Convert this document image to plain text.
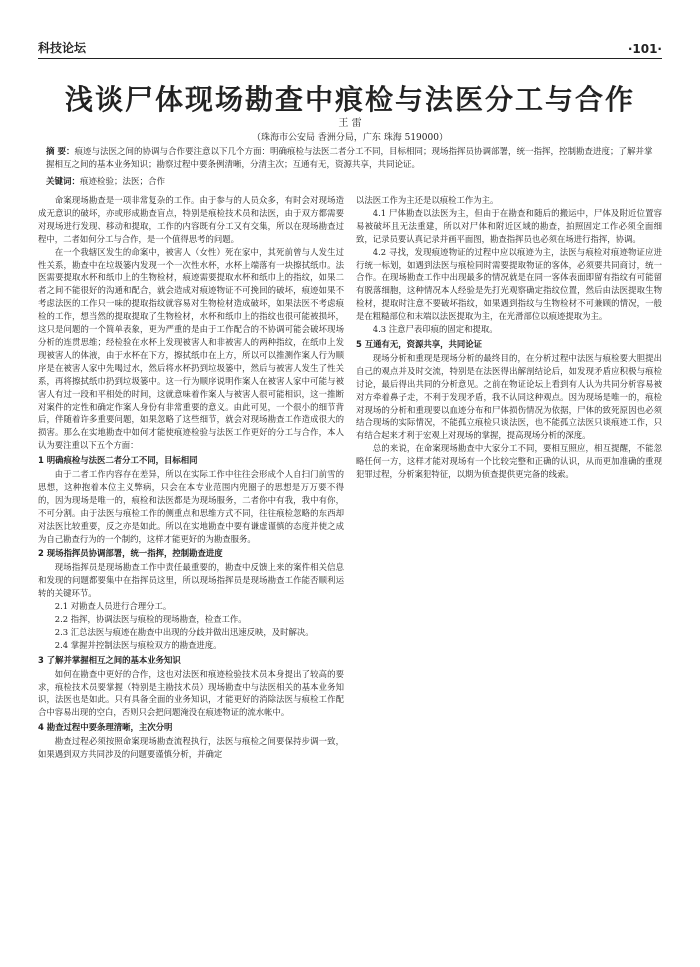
科技论坛	·101·
浅谈尸体现场勘查中痕检与法医分工与合作
王 雷
（珠海市公安局 香洲分局，广东 珠海 519000）
摘 要：痕迹与法医之间的协调与合作要注意以下几个方面：明确痕检与法医二者分工不同，目标相同；现场指挥员协调部署，统一指挥，控制勘查进度；了解并掌握相互之间的基本业务知识；勘察过程中要条例清晰，分清主次；互通有无，资源共享，共同论证。
关键词：痕迹检验；法医；合作

命案现场勘查是一项非常复杂的工作。由于参与的人员众多，有时会对现场造成无意识的破坏，亦或形成勘查盲点，特别是痕检技术员和法医，由于双方都需要对现场进行发现、移动和提取，工作的内容既有分工又有交集，所以在现场勘查过程中，二者如何分工与合作，是一个值得思考的问题。

在一个我辖区发生的命案中，被害人（女性）死在家中，其死前曾与人发生过性关系，勘查中在垃圾篓内发现一个一次性水杯，水杯上端落有一块擦拭纸巾。法医需要提取水杯和纸巾上的生物检材，痕迹需要提取水杯和纸巾上的指纹，如果二者之间不能很好的沟通和配合，就会造成对痕迹物证不可挽回的破坏，痕迹如果不考虑法医的工作只一味的提取指纹就容易对生物检材造成破坏，如果法医不考虑痕检的工作，想当然的提取提取了生物检材，水杯和纸巾上的指纹也很可能被损坏，这只是问题的一个简单表象，更为严重的是由于工作配合的不协调可能会破坏现场分析的连贯思维；经检验在水杯上发现被害人和非被害人的两种指纹，在纸巾上发现被害人的体液，由于水杯在下方，擦拭纸巾在上方，所以可以推测作案人行为顺序是在被害人家中先喝过水，然后将水杯扔到垃圾篓中，然后与被害人发生了性关系，再将擦拭纸巾扔到垃圾篓中。这一行为顺序说明作案人在被害人家中可能与被害人有过一段和平相处的时间，这就意味着作案人与被害人很可能相识，这一推断对案件的定性和确定作案人身份有非常重要的意义。由此可见，一个很小的细节背后，伴随着许多重要问题，如果忽略了这些细节，就会对现场勘查工作造成很大的损害。那么在实地勘查中如何才能使痕迹检验与法医工作更好的分工与合作，本人认为要注重以下五个方面：

1 明确痕检与法医二者分工不同，目标相同

由于二者工作内容存在差异，所以在实际工作中往往会形成个人自扫门前雪的思想，这种抱着本位主义弊病，只会在本专业范围内兜圈子的思想是万万要不得的，因为现场是唯一的，痕检和法医都是为现场服务，二者你中有我，我中有你，不可分割。由于法医与痕检工作的侧重点和思维方式不同，往往痕检忽略的东西却对法医比较重要，反之亦是如此。所以在实地勘查中要有谦虚谨慎的态度并使之成为自己勘查行为的一个制约，这样才能更好的为勘查服务。

2 现场指挥员协调部署，统一指挥，控制勘查进度

现场指挥员是现场勘查工作中责任最重要的，勘查中反馈上来的案件相关信息和发现的问题都要集中在指挥员这里，所以现场指挥员是现场勘查工作能否顺利运转的关键环节。

2.1 对勘查人员进行合理分工。

2.2 指挥，协调法医与痕检的现场勘查，检查工作。

2.3 汇总法医与痕迹在勘查中出现的分歧并做出迅速反映，及时解决。

2.4 掌握并控制法医与痕检双方的勘查进度。

3 了解并掌握相互之间的基本业务知识

如何在勘查中更好的合作，这也对法医和痕迹检验技术员本身提出了较高的要求，痕检技术员要掌握（特别是主勘技术员）现场勘查中与法医相关的基本业务知识，法医也是如此。只有具备全面的业务知识，才能更好的消除法医与痕检工作配合中容易出现的空白，否则只会把问题淹没在痕迹物证的流水帐中。

4 勘查过程中要条理清晰，主次分明

勘查过程必须按照命案现场勘查流程执行，法医与痕检之间要保持步调一致，如果遇到双方共同涉及的问题要谨慎分析，并确定

以法医工作为主还是以痕检工作为主。

4.1 尸体勘查以法医为主，但由于在勘查和随后的搬运中，尸体及附近位置容易被破坏且无法重建，所以对尸体和附近区域的勘查，拍照固定工作必须全面细致，记录员要认真记录并画平面图，勘查指挥员也必须在场进行指挥，协调。

4.2 寻找，发现痕迹物证的过程中应以痕迹为主，法医与痕检对痕迹物证应进行统一标划，如遇到法医与痕检同时需要提取物证的客体，必须要共同商讨，统一合作。在现场勘查工作中出现最多的情况就是在同一客体表面即留有指纹有可能留有脱落细胞，这种情况本人经验是先打光观察确定指纹位置，然后由法医提取生物检材，提取时注意不要破坏指纹，如果遇到指纹与生物检材不可兼顾的情况，一般是在粗糙部位和末端以法医提取为主，在光滑部位以痕迹提取为主。

4.3 注意尸表印痕的固定和提取。

5 互通有无，资源共享，共同论证

现场分析和重现是现场分析的最终目的，在分析过程中法医与痕检要大胆提出自己的观点并及时交流，特别是在法医得出解剖结论后，如发现矛盾应积极与痕检讨论，最后得出共同的分析意见。之前在物证论坛上看到有人认为共同分析容易被对方牵着鼻子走，不利于发现矛盾，我不认同这种观点。因为现场是唯一的，痕检对现场的分析和重现要以血迹分布和尸体损伤情况为依据，尸体的致死原因也必须结合现场的实际情况，不能孤立痕检只谈法医，也不能孤立法医只谈痕迹工作，只有结合起来才利于宏观上对现场的掌握，提高现场分析的深度。

总的来说，在命案现场勘查中大家分工不同，要相互照应，相互提醒，不能忽略任何一方，这样才能对现场有一个比较完整和正确的认识，从而更加准确的重现犯罪过程，分析案犯特征，以期为侦查提供更完备的线索。
